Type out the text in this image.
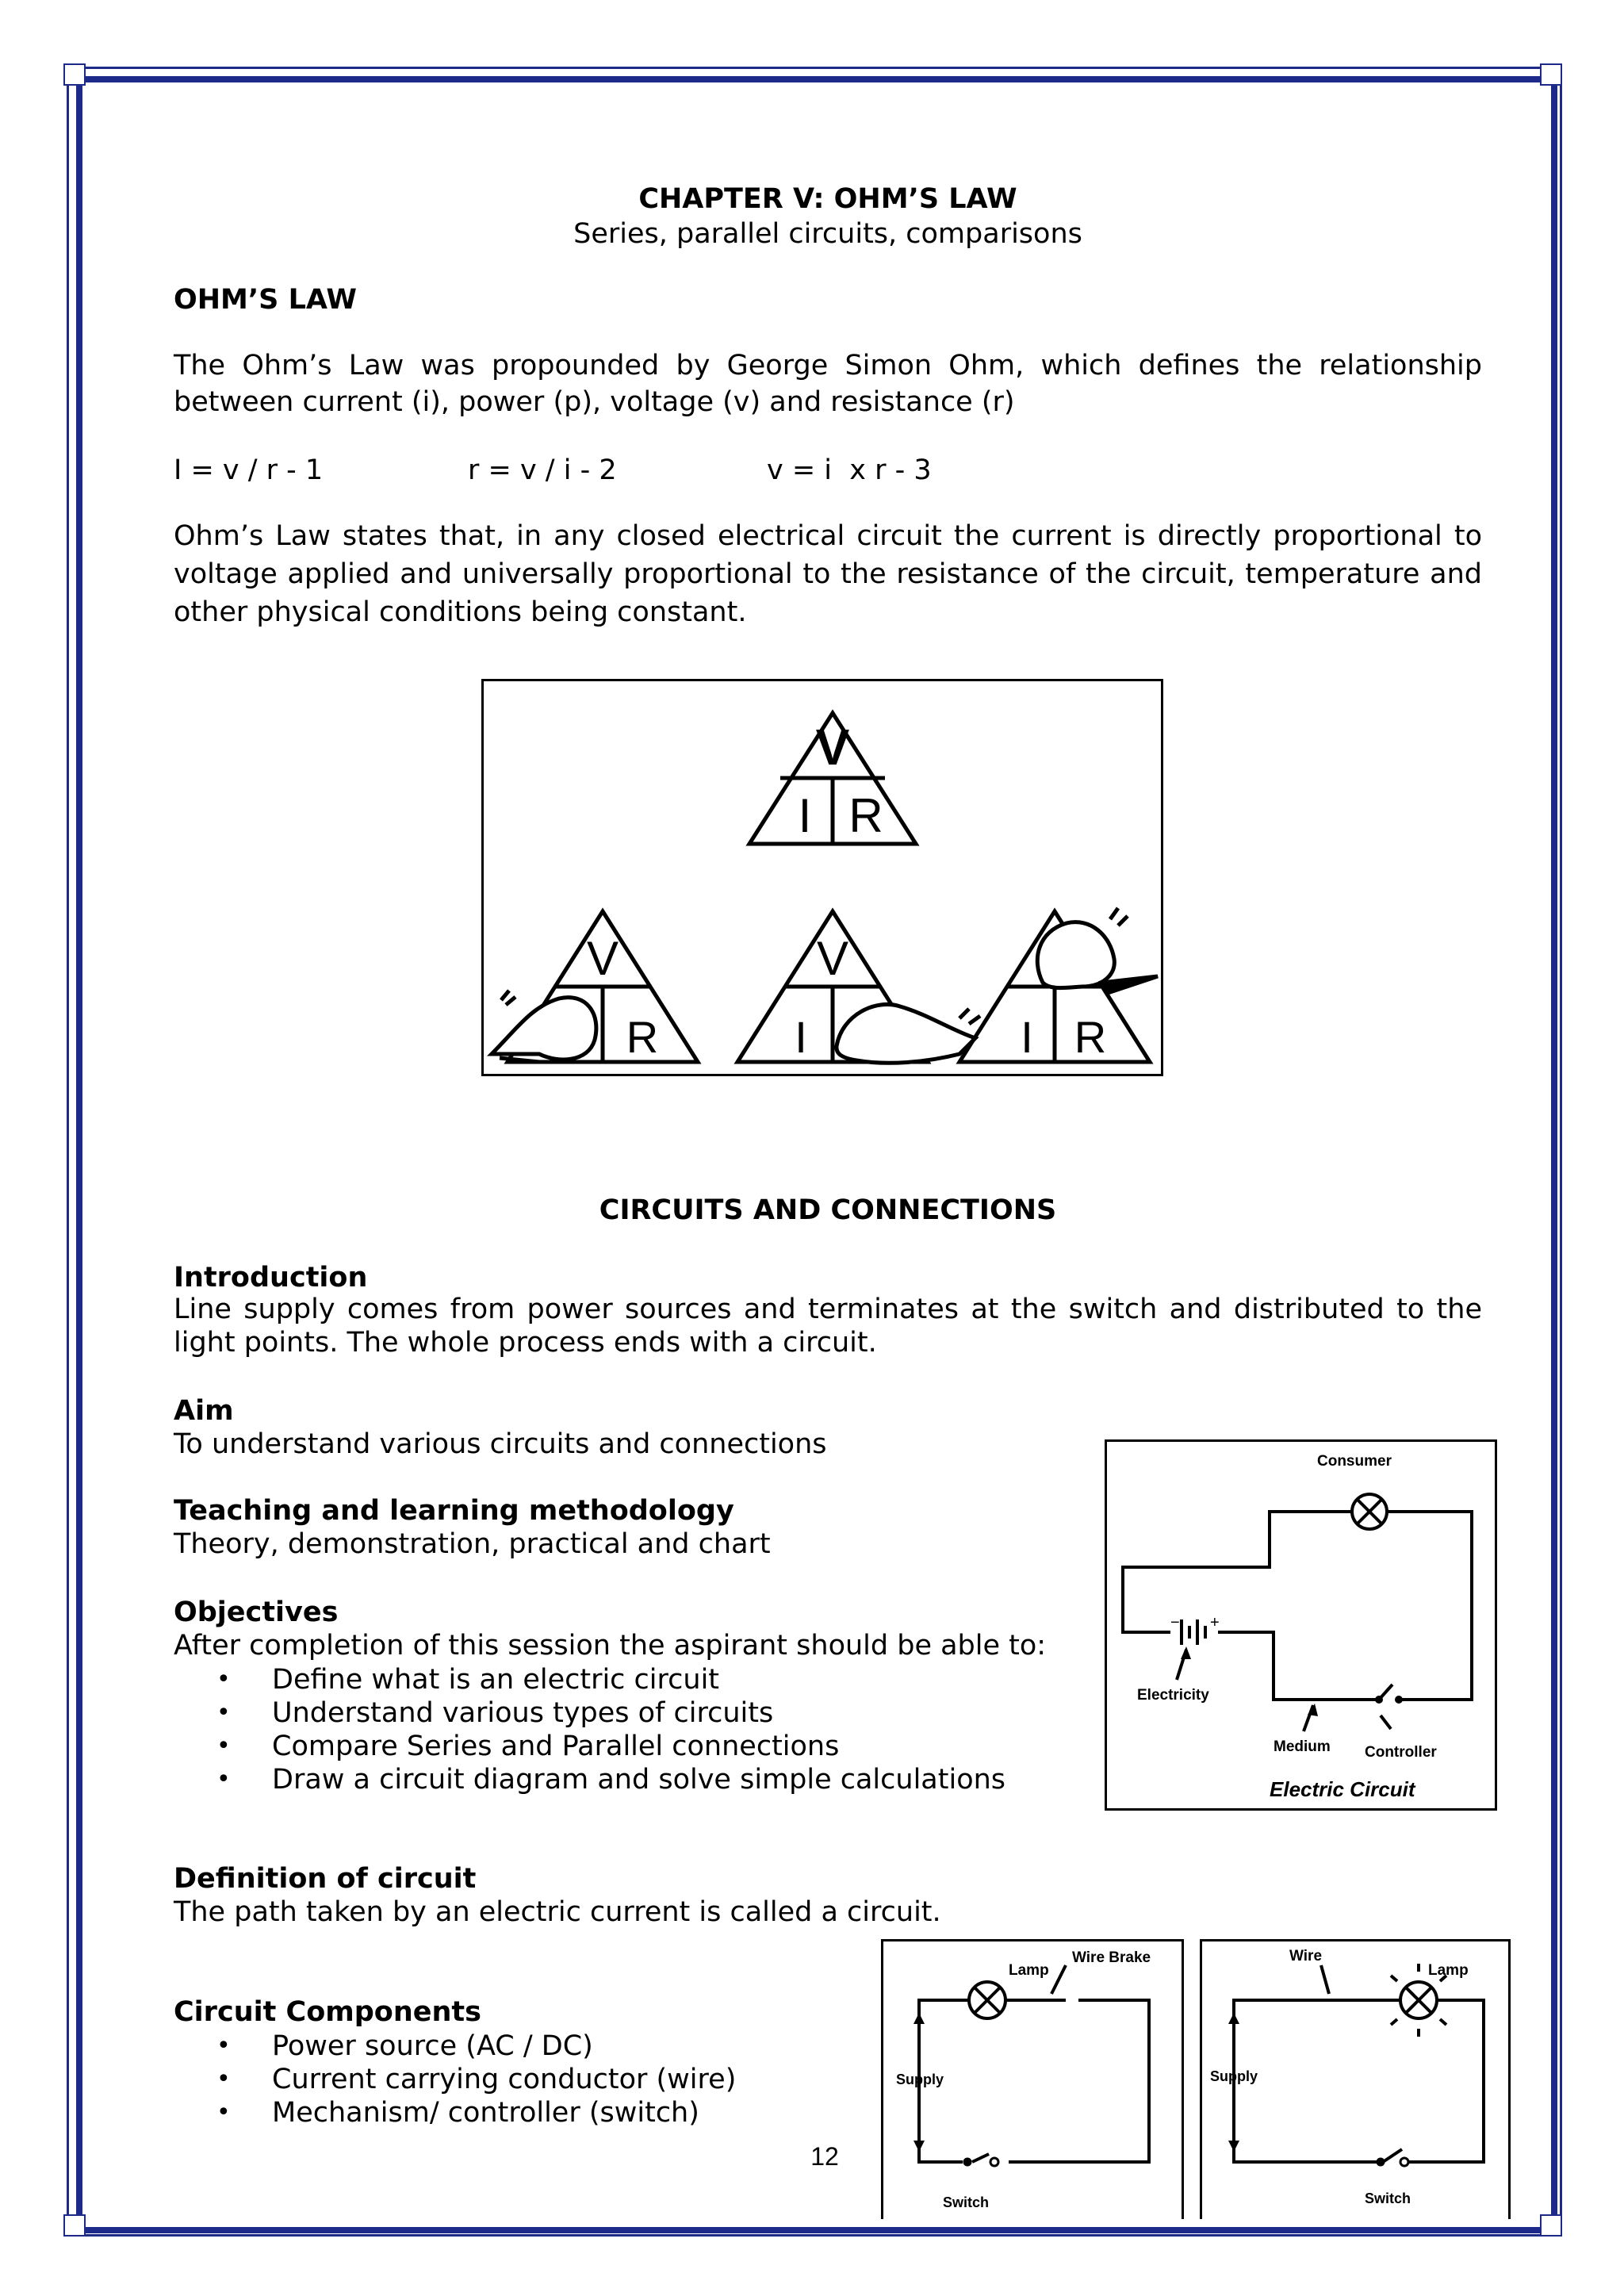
CHAPTER V: OHM’S LAW
Series, parallel circuits, comparisons
OHM’S LAW
The Ohm’s Law was propounded by George Simon Ohm, which defines the relationship between current (i), power (p), voltage (v) and resistance (r)
I = v / r - 1	r = v / i - 2	v = i  x r - 3
Ohm’s Law states that, in any closed electrical circuit the current is directly proportional to voltage applied and universally proportional to the resistance of the circuit, temperature and other physical conditions being constant.
V
I R
V
R
V
I	I R
CIRCUITS AND CONNECTIONS
Introduction
Line supply comes from power sources and terminates at the switch and distributed to the light points. The whole process ends with a circuit.
Aim
To understand various circuits and connections
Teaching and learning methodology
Theory, demonstration, practical and chart
Objectives
After completion of this session the aspirant should be able to:
• Define what is an electric circuit
• Understand various types of circuits
• Compare Series and Parallel connections
• Draw a circuit diagram and solve simple calculations
− +
Consumer
Electricity
Medium Controller
Electric Circuit
Definition of circuit
The path taken by an electric current is called a circuit.
Circuit Components
• Power source (AC / DC)
• Current carrying conductor (wire)
• Mechanism/ controller (switch)
Lamp
Wire Brake
Supply
Switch
Wire
Lamp
Supply
Switch
12
